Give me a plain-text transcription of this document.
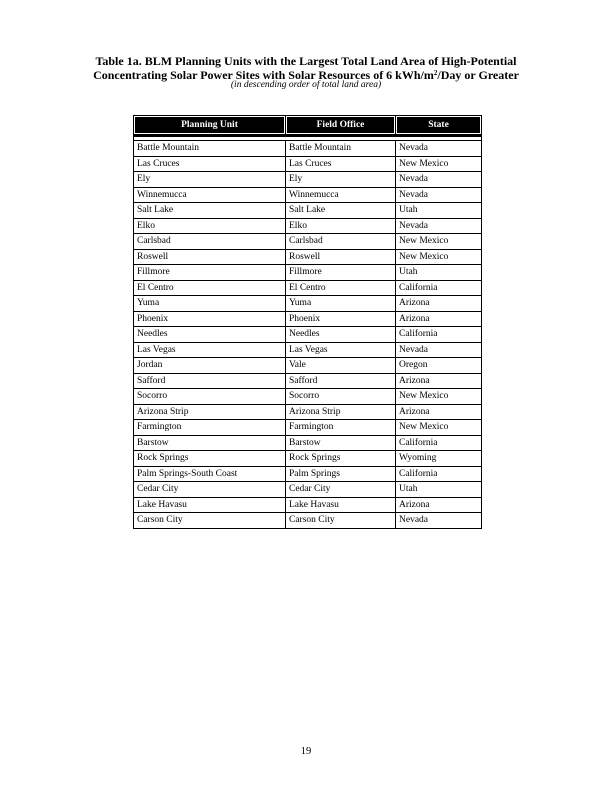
Table 1a. BLM Planning Units with the Largest Total Land Area of High-Potential
Concentrating Solar Power Sites with Solar Resources of 6 kWh/$m^2$/Day or Greater
(in descending order of total land area)
Planning Unit	Field Office	State

Battle Mountain	Battle Mountain	Nevada
Las Cruces	Las Cruces	New Mexico
Ely	Ely	Nevada
Winnemucca	Winnemucca	Nevada
Salt Lake	Salt Lake	Utah
Elko	Elko	Nevada
Carlsbad	Carlsbad	New Mexico
Roswell	Roswell	New Mexico
Fillmore	Fillmore	Utah
El Centro	El Centro	California
Yuma	Yuma	Arizona
Phoenix	Phoenix	Arizona
Needles	Needles	California
Las Vegas	Las Vegas	Nevada
Jordan	Vale	Oregon
Safford	Safford	Arizona
Socorro	Socorro	New Mexico
Arizona Strip	Arizona Strip	Arizona
Farmington	Farmington	New Mexico
Barstow	Barstow	California
Rock Springs	Rock Springs	Wyoming
Palm Springs-South Coast	Palm Springs	California
Cedar City	Cedar City	Utah
Lake Havasu	Lake Havasu	Arizona
Carson City	Carson City	Nevada
19
